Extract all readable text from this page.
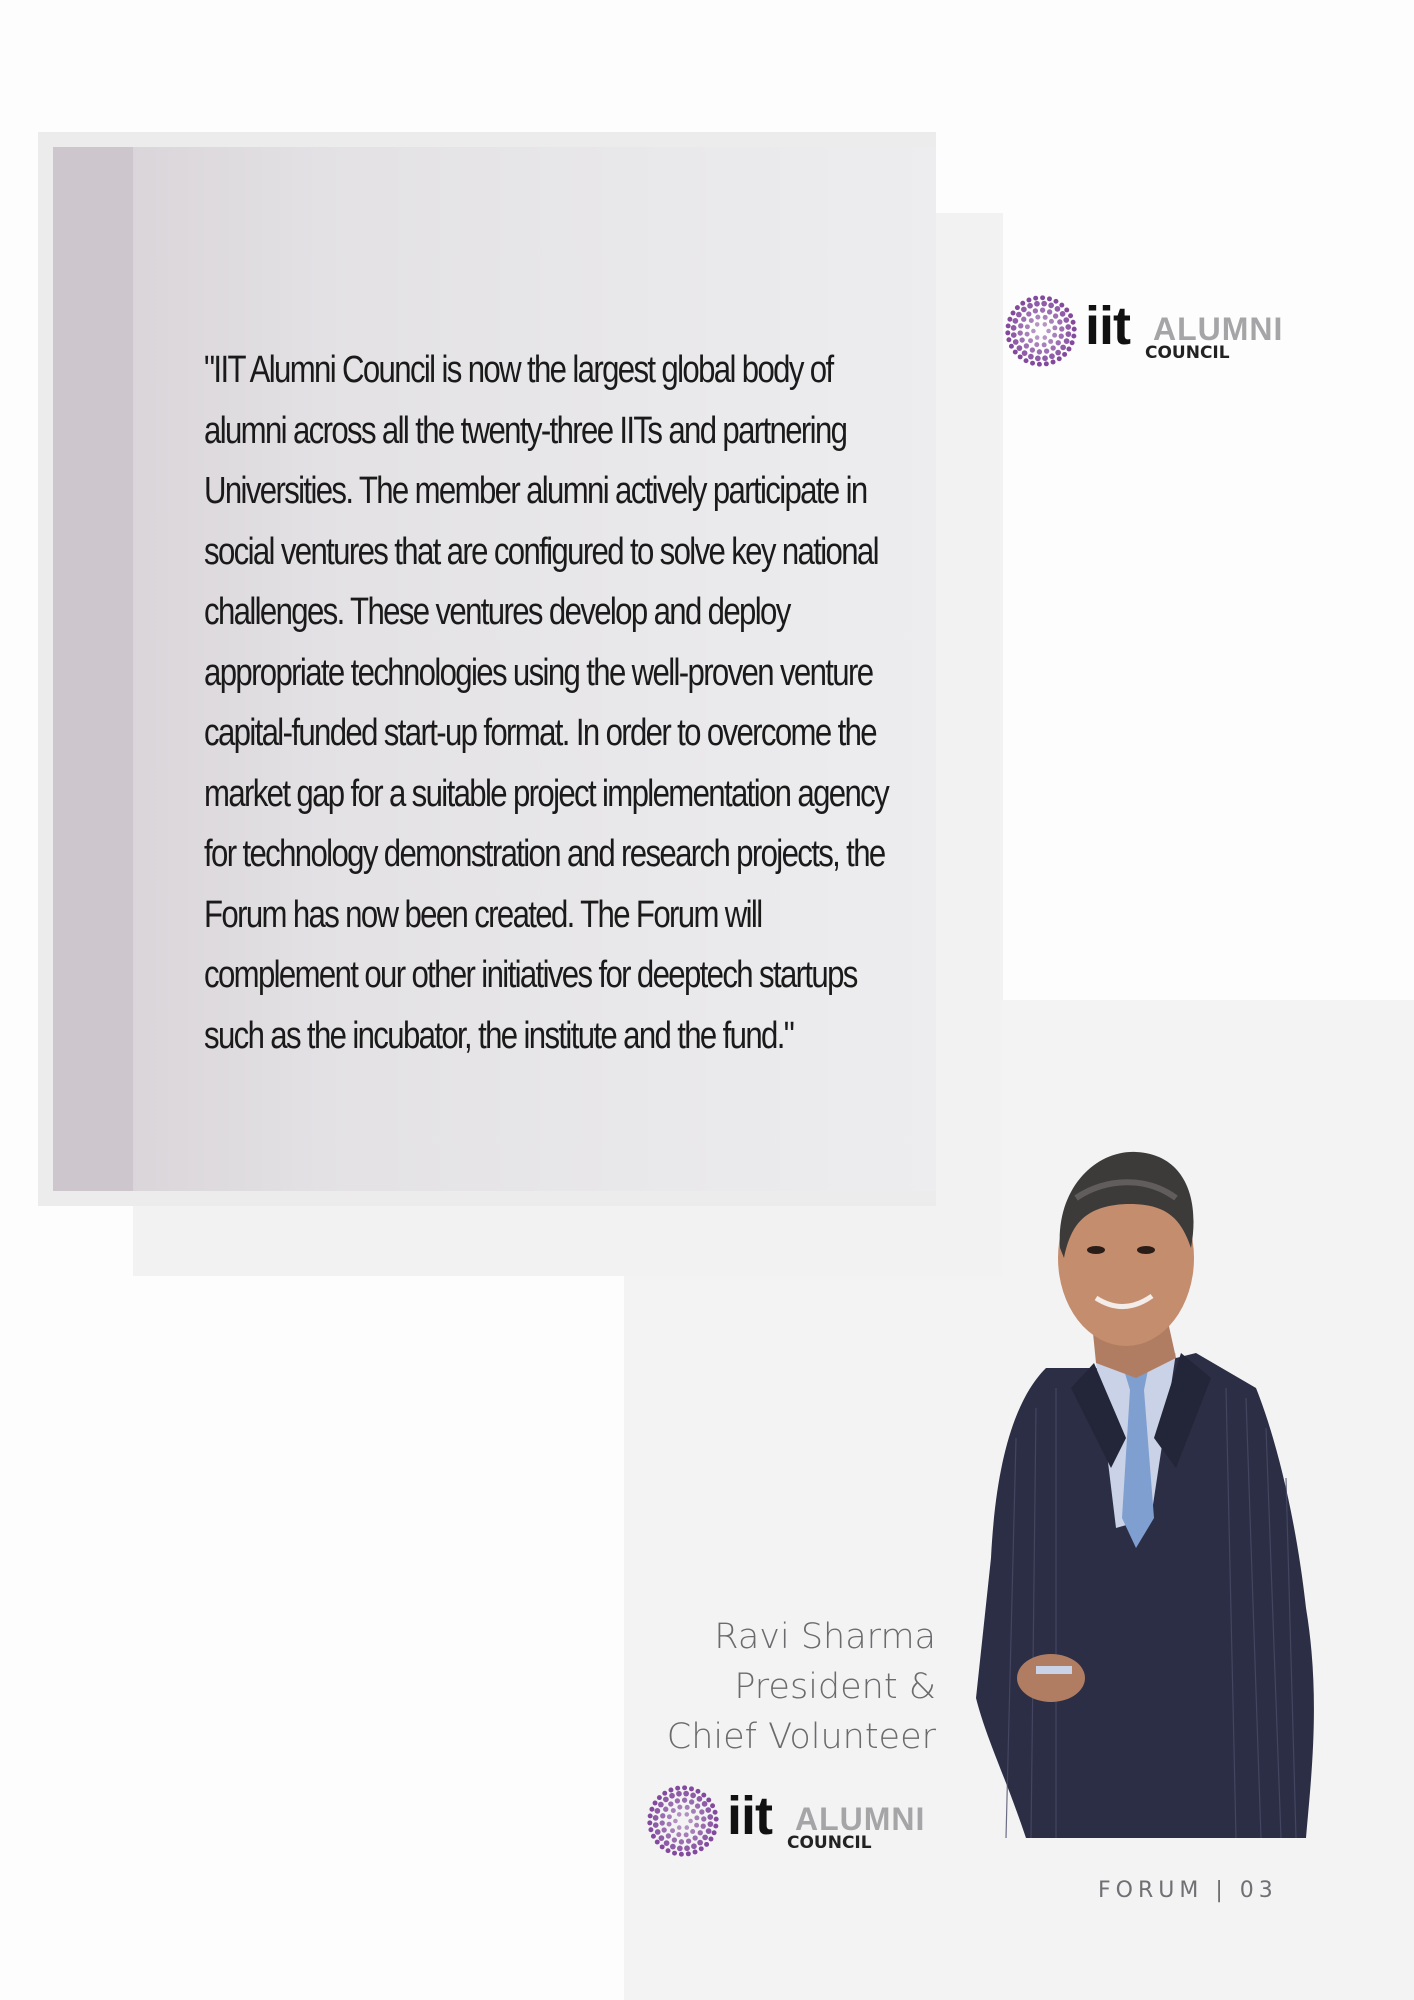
"IIT Alumni Council is now the largest global body of

alumni across all the twenty-three IITs and partnering

Universities. The member alumni actively participate in

social ventures that are configured to solve key national

challenges. These ventures develop and deploy

appropriate technologies using the well-proven venture

capital-funded start-up format. In order to overcome the

market gap for a suitable project implementation agency

for technology demonstration and research projects, the

Forum has now been created. The Forum will

complement our other initiatives for deeptech startups

such as the incubator, the institute and the fund."

iit ALUMNI
COUNCIL
Ravi Sharma
President &
Chief Volunteer
iit ALUMNI
COUNCIL
FORUM | 03
